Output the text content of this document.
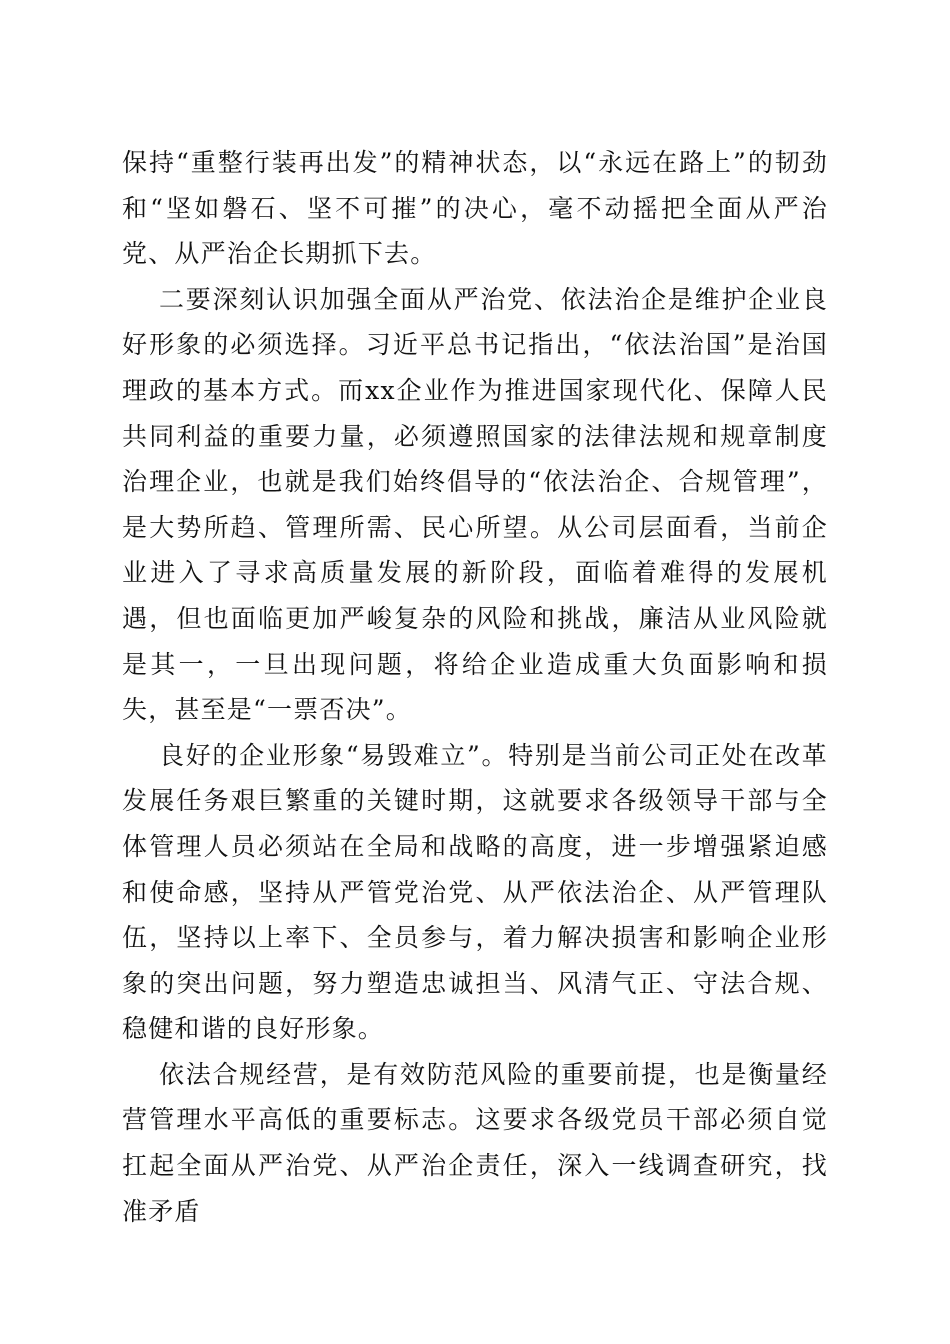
保持“重整行装再出发”的精神状态，以“永远在路上”的韧劲和“坚如磐石、坚不可摧”的决心，毫不动摇把全面从严治党、从严治企长期抓下去。

二要深刻认识加强全面从严治党、依法治企是维护企业良好形象的必须选择。习近平总书记指出，“依法治国”是治国理政的基本方式。而xx企业作为推进国家现代化、保障人民共同利益的重要力量，必须遵照国家的法律法规和规章制度治理企业，也就是我们始终倡导的“依法治企、合规管理”，是大势所趋、管理所需、民心所望。从公司层面看，当前企业进入了寻求高质量发展的新阶段，面临着难得的发展机遇，但也面临更加严峻复杂的风险和挑战，廉洁从业风险就是其一，一旦出现问题，将给企业造成重大负面影响和损失，甚至是“一票否决”。

良好的企业形象“易毁难立”。特别是当前公司正处在改革发展任务艰巨繁重的关键时期，这就要求各级领导干部与全体管理人员必须站在全局和战略的高度，进一步增强紧迫感和使命感，坚持从严管党治党、从严依法治企、从严管理队伍，坚持以上率下、全员参与，着力解决损害和影响企业形象的突出问题，努力塑造忠诚担当、风清气正、守法合规、稳健和谐的良好形象。

依法合规经营，是有效防范风险的重要前提，也是衡量经营管理水平高低的重要标志。这要求各级党员干部必须自觉扛起全面从严治党、从严治企责任，深入一线调查研究，找准矛盾
